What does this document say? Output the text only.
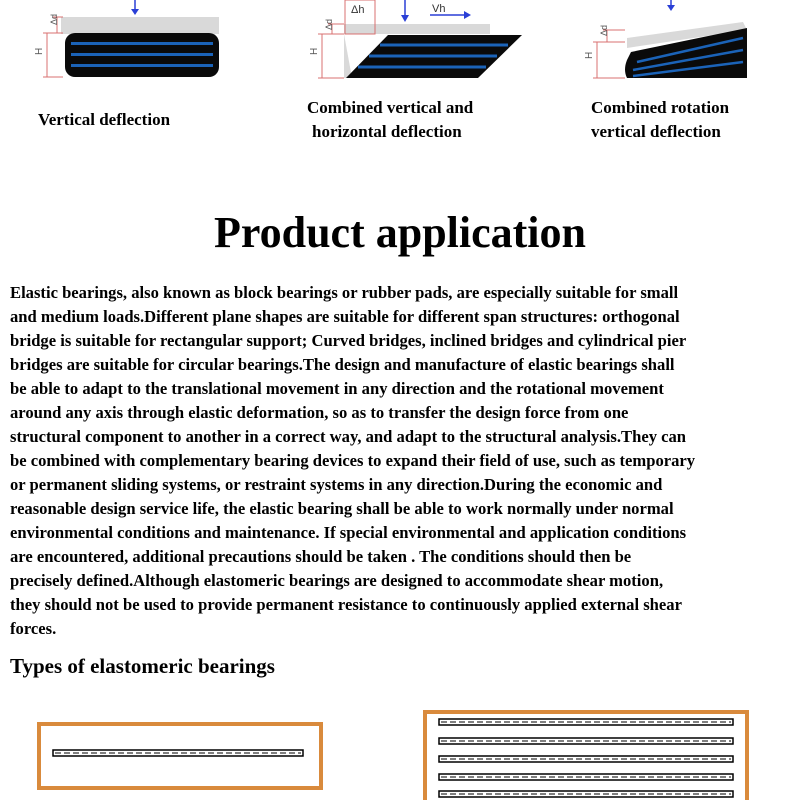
H
Δd
Δh	Vh
H
Δd
H
Δd
Vertical deflection
Combined vertical and
horizontal deflection
Combined rotation
vertical deflection
Product application

Elastic bearings, also known as block bearings or rubber pads, are especially suitable for small
and medium loads.Different plane shapes are suitable for different span structures: orthogonal
bridge is suitable for rectangular support; Curved bridges, inclined bridges and cylindrical pier
bridges are suitable for circular bearings.The design and manufacture of elastic bearings shall
be able to adapt to the translational movement in any direction and the rotational movement
around any axis through elastic deformation, so as to transfer the design force from one
structural component to another in a correct way, and adapt to the structural analysis.They can
be combined with complementary bearing devices to expand their field of use, such as temporary
or permanent sliding systems, or restraint systems in any direction.During the economic and
reasonable design service life, the elastic bearing shall be able to work normally under normal
environmental conditions and maintenance. If special environmental and application conditions
are encountered, additional precautions should be taken . The conditions should then be
precisely defined.Although elastomeric bearings are designed to accommodate shear motion,
they should not be used to provide permanent resistance to continuously applied external shear
forces.

Types of elastomeric bearings
